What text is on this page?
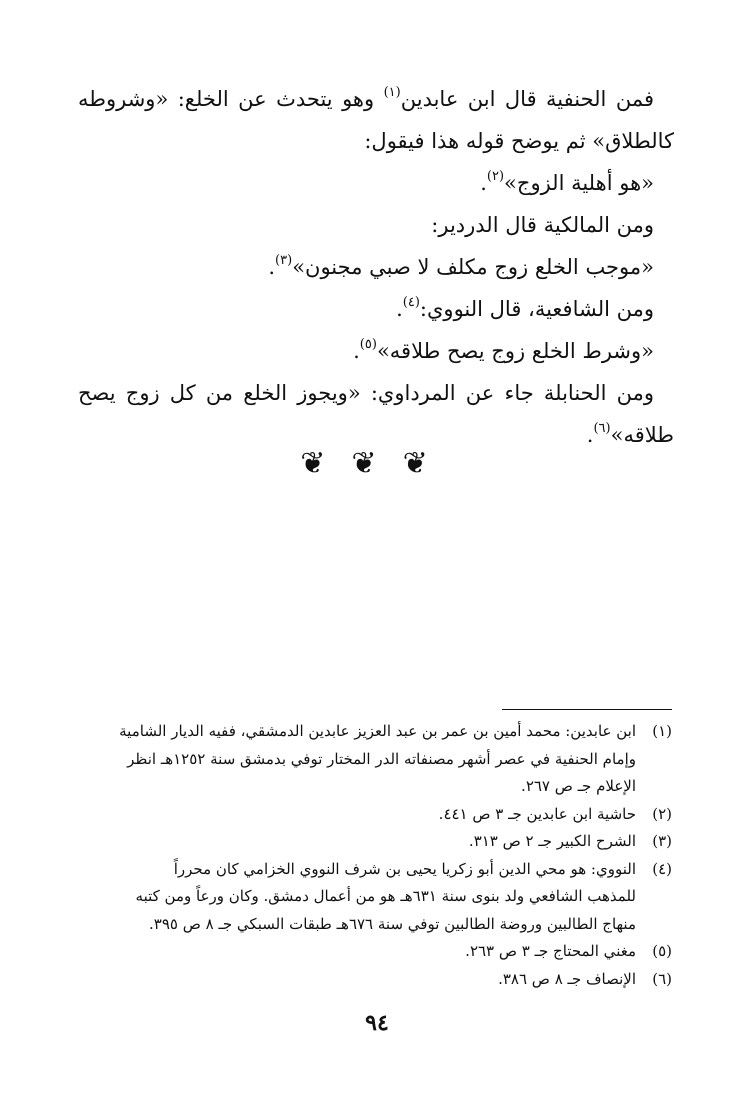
فمن الحنفية قال ابن عابدين$^{(١)}$ وهو يتحدث عن الخلع: «وشروطه
كالطلاق» ثم يوضح قوله هذا فيقول:
«هو أهلية الزوج»$^{(٢)}$.
ومن المالكية قال الدردير:
«موجب الخلع زوج مكلف لا صبي مجنون»$^{(٣)}$.
ومن الشافعية، قال النووي:$^{(٤)}$.
«وشرط الخلع زوج يصح طلاقه»$^{(٥)}$.
ومن الحنابلة جاء عن المرداوي: «ويجوز الخلع من كل زوج يصح
طلاقه»$^{(٦)}$.
❦❦❦
(١)
ابن عابدين: محمد أمين بن عمر بن عبد العزيز عابدين الدمشقي، ففيه الديار الشامية
وإمام الحنفية في عصر أشهر مصنفاته الدر المختار توفي بدمشق سنة ١٢٥٢هـ انظر
الإعلام جـ ص ٢٦٧.
(٢)
حاشية ابن عابدين جـ ٣ ص ٤٤١.
(٣)
الشرح الكبير جـ ٢ ص ٣١٣.
(٤)
النووي: هو محي الدين أبو زكريا يحيى بن شرف النووي الخزامي كان محرراً
للمذهب الشافعي ولد بنوى سنة ٦٣١هـ هو من أعمال دمشق. وكان ورعاً ومن كتبه
منهاج الطالبين وروضة الطالبين توفي سنة ٦٧٦هـ طبقات السبكي جـ ٨ ص ٣٩٥.
(٥)
مغني المحتاج جـ ٣ ص ٢٦٣.
(٦)
الإنصاف جـ ٨ ص ٣٨٦.
٩٤
